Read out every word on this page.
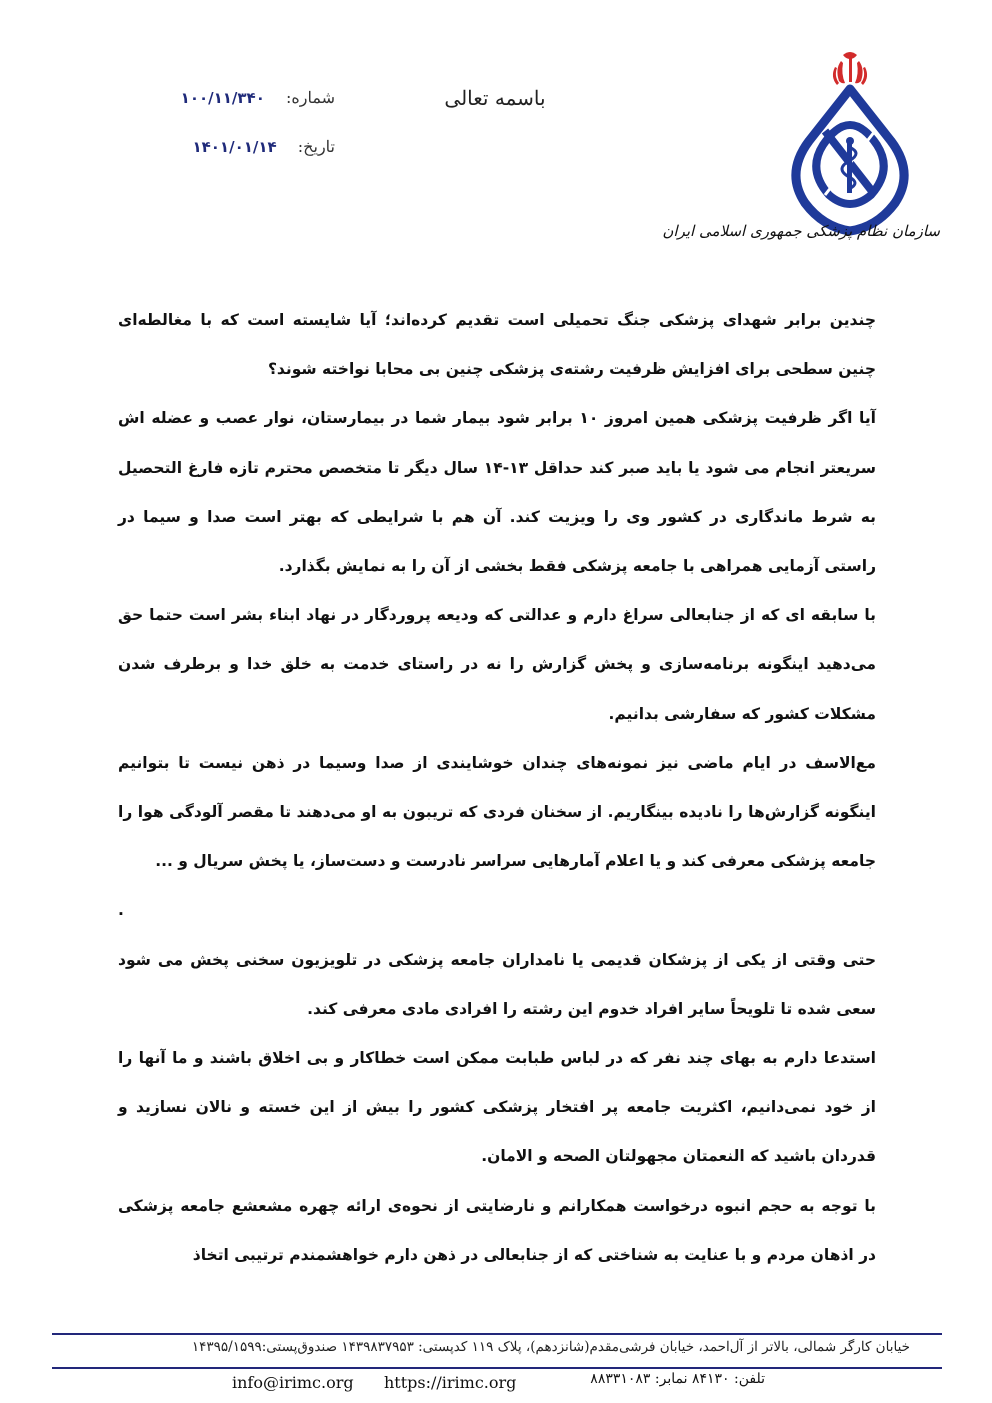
سازمان نظام پزشکی جمهوری اسلامی ایران
باسمه تعالی
شماره: ۱۰۰/۱۱/۳۴۰
تاریخ: ۱۴۰۱/۰۱/۱۴

چندین برابر شهدای پزشکی جنگ تحمیلی است تقدیم کرده‌اند؛ آیا شایسته است که با مغالطه‌ای چنین سطحی برای افزایش ظرفیت رشته‌ی پزشکی چنین بی محابا نواخته شوند؟

آیا اگر ظرفیت پزشکی همین امروز ۱۰ برابر شود بیمار شما در بیمارستان، نوار عصب و عضله اش سریعتر انجام می شود یا باید صبر کند حداقل ۱۳-۱۴ سال دیگر تا متخصص محترم تازه فارغ التحصیل به شرط ماندگاری در کشور وی را ویزیت کند. آن هم با شرایطی که بهتر است صدا و سیما در راستی آزمایی همراهی با جامعه پزشکی فقط بخشی از آن را به نمایش بگذارد.

با سابقه ای که از جنابعالی سراغ دارم و عدالتی که ودیعه پروردگار در نهاد ابناء بشر است حتما حق می‌دهید اینگونه برنامه‌سازی و پخش گزارش را نه در راستای خدمت به خلق خدا و برطرف شدن مشکلات کشور که سفارشی بدانیم.

مع‌الاسف در ایام ماضی نیز نمونه‌های چندان خوشایندی از صدا وسیما در ذهن نیست تا بتوانیم اینگونه گزارش‌ها را نادیده بینگاریم. از سخنان فردی که تریبون به او می‌دهند تا مقصر آلودگی هوا را جامعه پزشکی معرفی کند و یا اعلام آمارهایی سراسر نادرست و دست‌ساز، یا پخش سریال و ...

.

حتی وقتی از یکی از پزشکان قدیمی یا نامداران جامعه پزشکی در تلویزیون سخنی پخش می شود سعی شده تا تلویحاً سایر افراد خدوم این رشته را افرادی مادی معرفی کند.

استدعا دارم به بهای چند نفر که در لباس طبابت ممکن است خطاکار و بی اخلاق باشند و ما آنها را از خود نمی‌دانیم، اکثریت جامعه پر افتخار پزشکی کشور را بیش از این خسته و نالان نسازید و قدردان باشید که النعمتان مجهولتان الصحه و الامان.

با توجه به حجم انبوه درخواست همکارانم و نارضایتی از نحوه‌ی ارائه چهره مشعشع جامعه پزشکی در اذهان مردم و با عنایت به شناختی که از جنابعالی در ذهن دارم خواهشمندم ترتیبی اتخاذ

خیابان کارگر شمالی، بالاتر از آل‌احمد، خیابان فرشی‌مقدم(شانزدهم)، پلاک ۱۱۹ کدپستی: ۱۴۳۹۸۳۷۹۵۳ صندوق‌پستی:۱۴۳۹۵/۱۵۹۹
info@irimc.org https://irimc.org	تلفن: ۸۴۱۳۰ نمابر: ۸۸۳۳۱۰۸۳
